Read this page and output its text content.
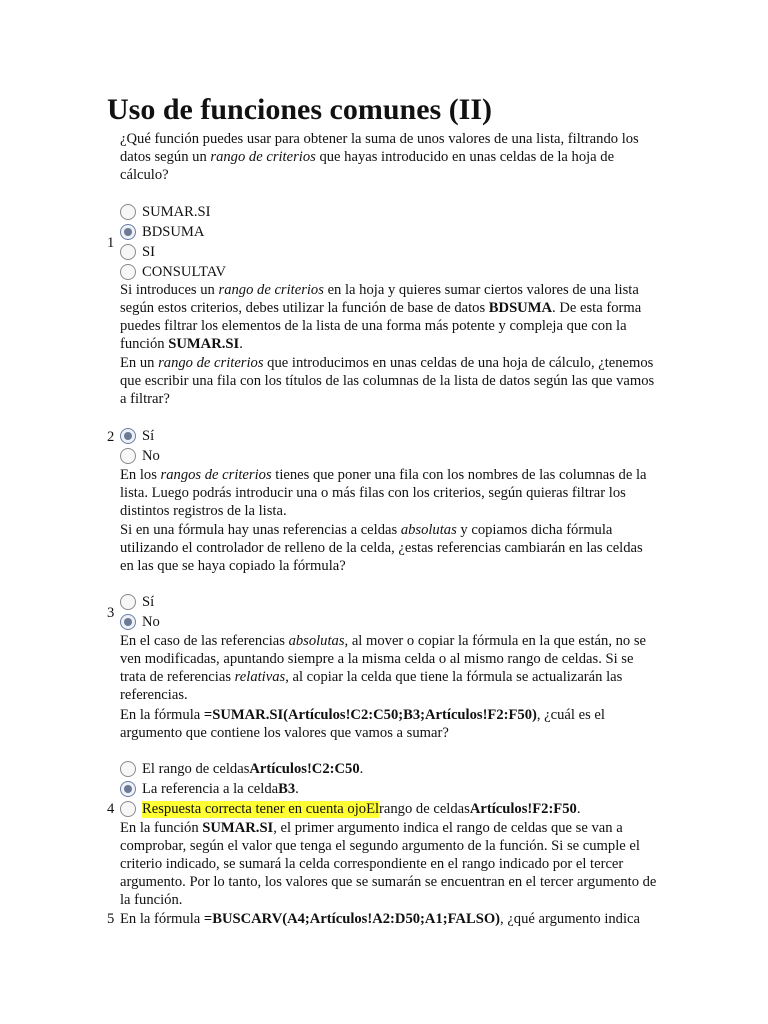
Uso de funciones comunes (II)

¿Qué función puedes usar para obtener la suma de unos valores de una lista, filtrando los datos según un rango de criterios que hayas introducido en unas celdas de la hoja de cálculo?

1
SUMAR.SI
BDSUMA
SI
CONSULTAV

Si introduces un rango de criterios en la hoja y quieres sumar ciertos valores de una lista según estos criterios, debes utilizar la función de base de datos BDSUMA. De esta forma puedes filtrar los elementos de la lista de una forma más potente y compleja que con la función SUMAR.SI.

En un rango de criterios que introducimos en unas celdas de una hoja de cálculo, ¿tenemos que escribir una fila con los títulos de las columnas de la lista de datos según las que vamos a filtrar?

2 Sí
No

En los rangos de criterios tienes que poner una fila con los nombres de las columnas de la lista. Luego podrás introducir una o más filas con los criterios, según quieras filtrar los distintos registros de la lista.

Si en una fórmula hay unas referencias a celdas absolutas y copiamos dicha fórmula utilizando el controlador de relleno de la celda, ¿estas referencias cambiarán en las celdas en las que se haya copiado la fórmula?

3
Sí
No

En el caso de las referencias absolutas, al mover o copiar la fórmula en la que están, no se ven modificadas, apuntando siempre a la misma celda o al mismo rango de celdas. Si se trata de referencias relativas, al copiar la celda que tiene la fórmula se actualizarán las referencias.

En la fórmula =SUMAR.SI(Artículos!C2:C50;B3;Artículos!F2:F50), ¿cuál es el argumento que contiene los valores que vamos a sumar?

4
El rango de celdas Artículos!C2:C50 .
La referencia a la celda B3 .
Respuesta correcta tener en cuenta ojoEl rango de celdas Artículos!F2:F50 .

En la función SUMAR.SI, el primer argumento indica el rango de celdas que se van a comprobar, según el valor que tenga el segundo argumento de la función. Si se cumple el criterio indicado, se sumará la celda correspondiente en el rango indicado por el tercer argumento. Por lo tanto, los valores que se sumarán se encuentran en el tercer argumento de la función.

5 En la fórmula =BUSCARV(A4;Artículos!A2:D50;A1;FALSO), ¿qué argumento indica
